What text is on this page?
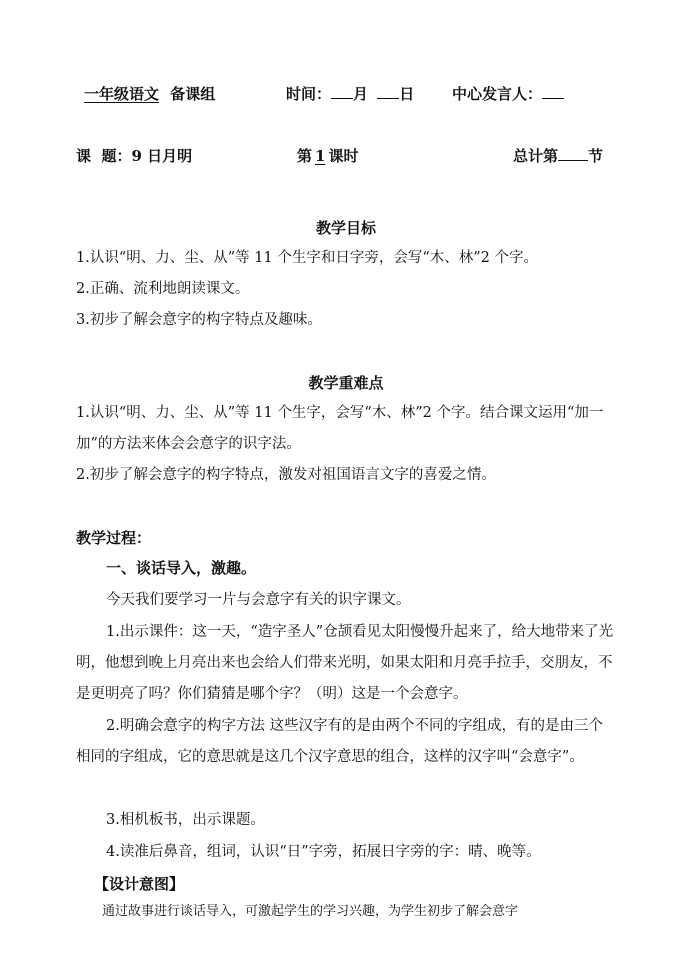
一年级语文 备课组	时间： 月 日	中心发言人：
课  题：9 日月明	第 1 课时	总计第 节
教学目标
1.认识“明、力、尘、从”等 11 个生字和日字旁，会写“木、林”2 个字。
2.正确、流利地朗读课文。
3.初步了解会意字的构字特点及趣味。
教学重难点
1.认识“明、力、尘、从”等 11 个生字，会写“木、林”2 个字。结合课文运用“加一加”的方法来体会会意字的识字法。
2.初步了解会意字的构字特点，激发对祖国语言文字的喜爱之情。
教学过程：
一、谈话导入，激趣。
今天我们要学习一片与会意字有关的识字课文。
1.出示课件：这一天，“造字圣人”仓颉看见太阳慢慢升起来了，给大地带来了光明，他想到晚上月亮出来也会给人们带来光明，如果太阳和月亮手拉手，交朋友，不是更明亮了吗？你们猜猜是哪个字？（明）这是一个会意字。
2.明确会意字的构字方法 这些汉字有的是由两个不同的字组成，有的是由三个相同的字组成，它的意思就是这几个汉字意思的组合，这样的汉字叫“会意字”。
3.相机板书，出示课题。
4.读准后鼻音，组词，认识“日”字旁，拓展日字旁的字：晴、晚等。
【设计意图】
通过故事进行谈话导入，可激起学生的学习兴趣，为学生初步了解会意字
